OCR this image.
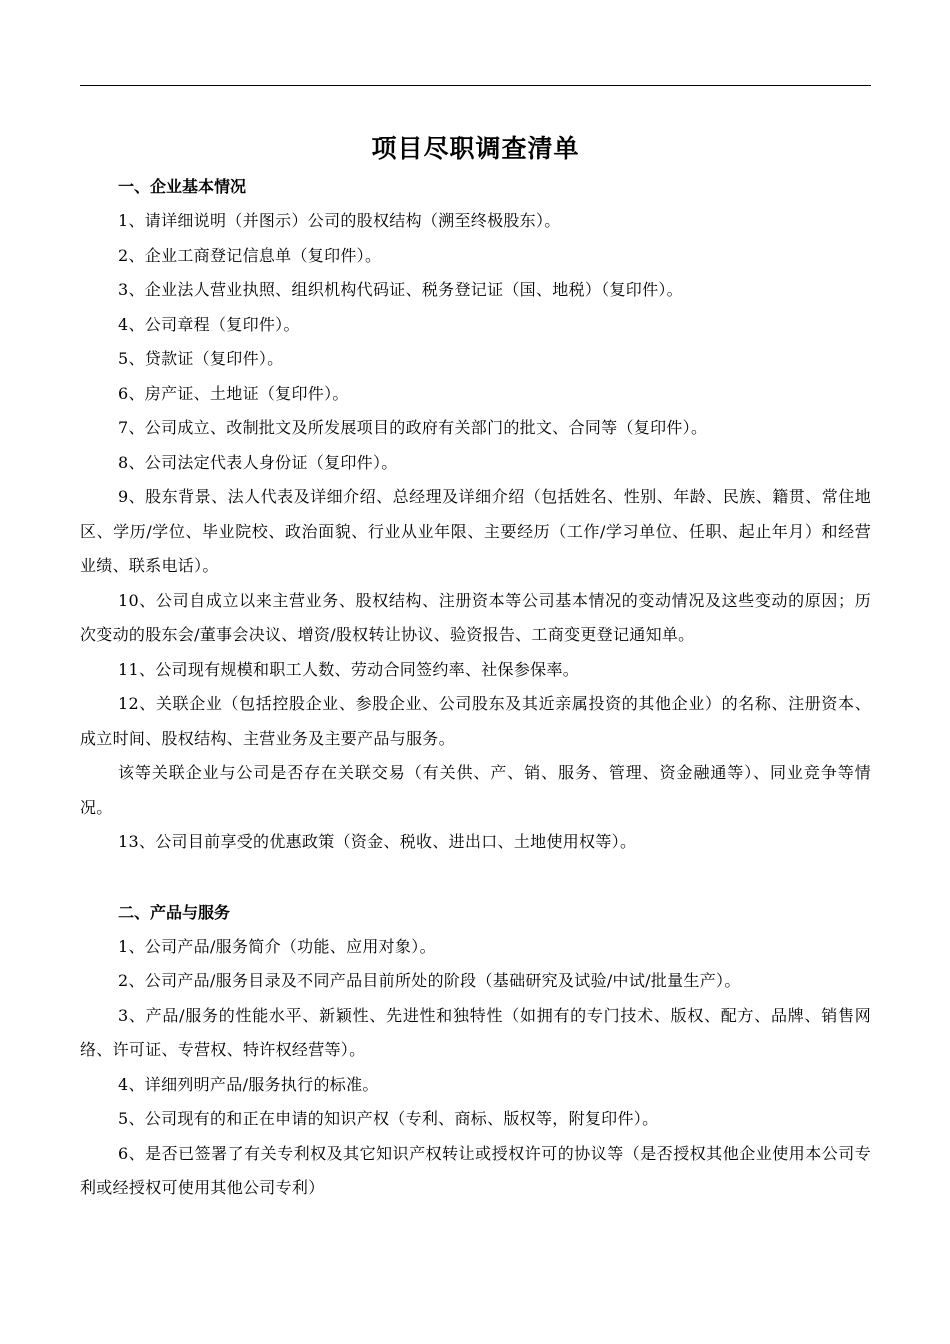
项目尽职调查清单

一、企业基本情况

1、请详细说明（并图示）公司的股权结构（溯至终极股东）。

2、企业工商登记信息单（复印件）。

3、企业法人营业执照、组织机构代码证、税务登记证（国、地税）（复印件）。

4、公司章程（复印件）。

5、贷款证（复印件）。

6、房产证、土地证（复印件）。

7、公司成立、改制批文及所发展项目的政府有关部门的批文、合同等（复印件）。

8、公司法定代表人身份证（复印件）。

9、股东背景、法人代表及详细介绍、总经理及详细介绍（包括姓名、性别、年龄、民族、籍贯、常住地区、学历/学位、毕业院校、政治面貌、行业从业年限、主要经历（工作/学习单位、任职、起止年月）和经营业绩、联系电话）。

10、公司自成立以来主营业务、股权结构、注册资本等公司基本情况的变动情况及这些变动的原因；历次变动的股东会/董事会决议、增资/股权转让协议、验资报告、工商变更登记通知单。

11、公司现有规模和职工人数、劳动合同签约率、社保参保率。

12、关联企业（包括控股企业、参股企业、公司股东及其近亲属投资的其他企业）的名称、注册资本、成立时间、股权结构、主营业务及主要产品与服务。

该等关联企业与公司是否存在关联交易（有关供、产、销、服务、管理、资金融通等）、同业竞争等情况。

13、公司目前享受的优惠政策（资金、税收、进出口、土地使用权等）。

二、产品与服务

1、公司产品/服务简介（功能、应用对象）。

2、公司产品/服务目录及不同产品目前所处的阶段（基础研究及试验/中试/批量生产）。

3、产品/服务的性能水平、新颖性、先进性和独特性（如拥有的专门技术、版权、配方、品牌、销售网络、许可证、专营权、特许权经营等）。

4、详细列明产品/服务执行的标准。

5、公司现有的和正在申请的知识产权（专利、商标、版权等，附复印件）。

6、是否已签署了有关专利权及其它知识产权转让或授权许可的协议等（是否授权其他企业使用本公司专利或经授权可使用其他公司专利）
